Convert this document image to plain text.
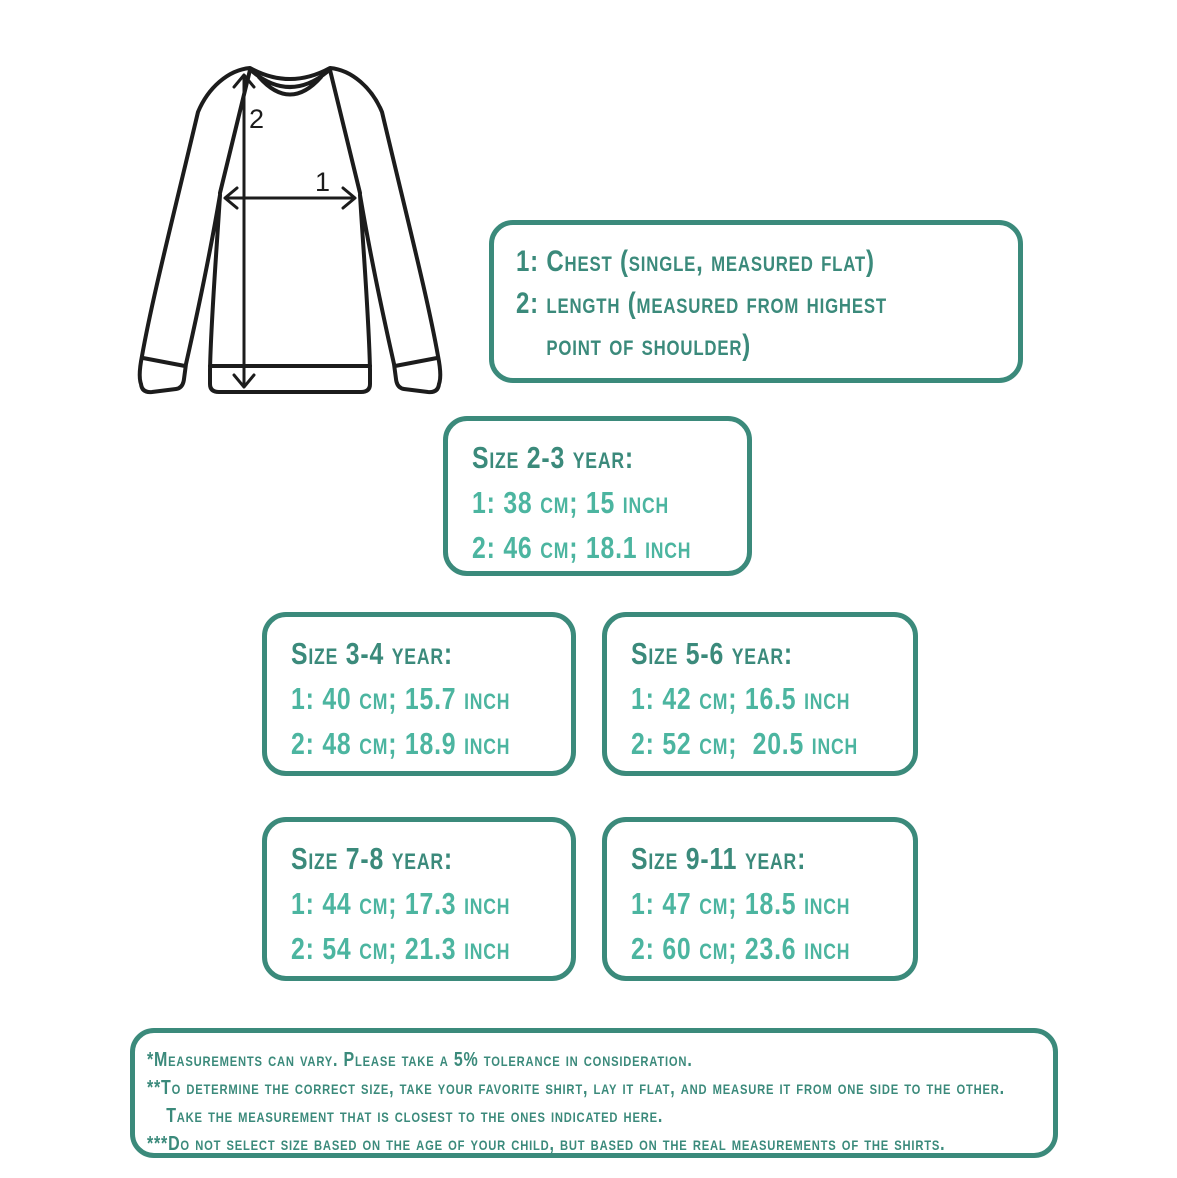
1
2
1: Chest (single, measured flat)
2: length (measured from highest
point of shoulder)
Size 2-3 year:
1: 38 cm; 15 inch
2: 46 cm; 18.1 inch
Size 3-4 year:
1: 40 cm; 15.7 inch
2: 48 cm; 18.9 inch
Size 5-6 year:
1: 42 cm; 16.5 inch
2: 52 cm;  20.5 inch
Size 7-8 year:
1: 44 cm; 17.3 inch
2: 54 cm; 21.3 inch
Size 9-11 year:
1: 47 cm; 18.5 inch
2: 60 cm; 23.6 inch
*Measurements can vary. Please take a 5% tolerance in consideration.
**To determine the correct size, take your favorite shirt, lay it flat, and measure it from one side to the other.
Take the measurement that is closest to the ones indicated here.
***Do not select size based on the age of your child, but based on the real measurements of the shirts.
